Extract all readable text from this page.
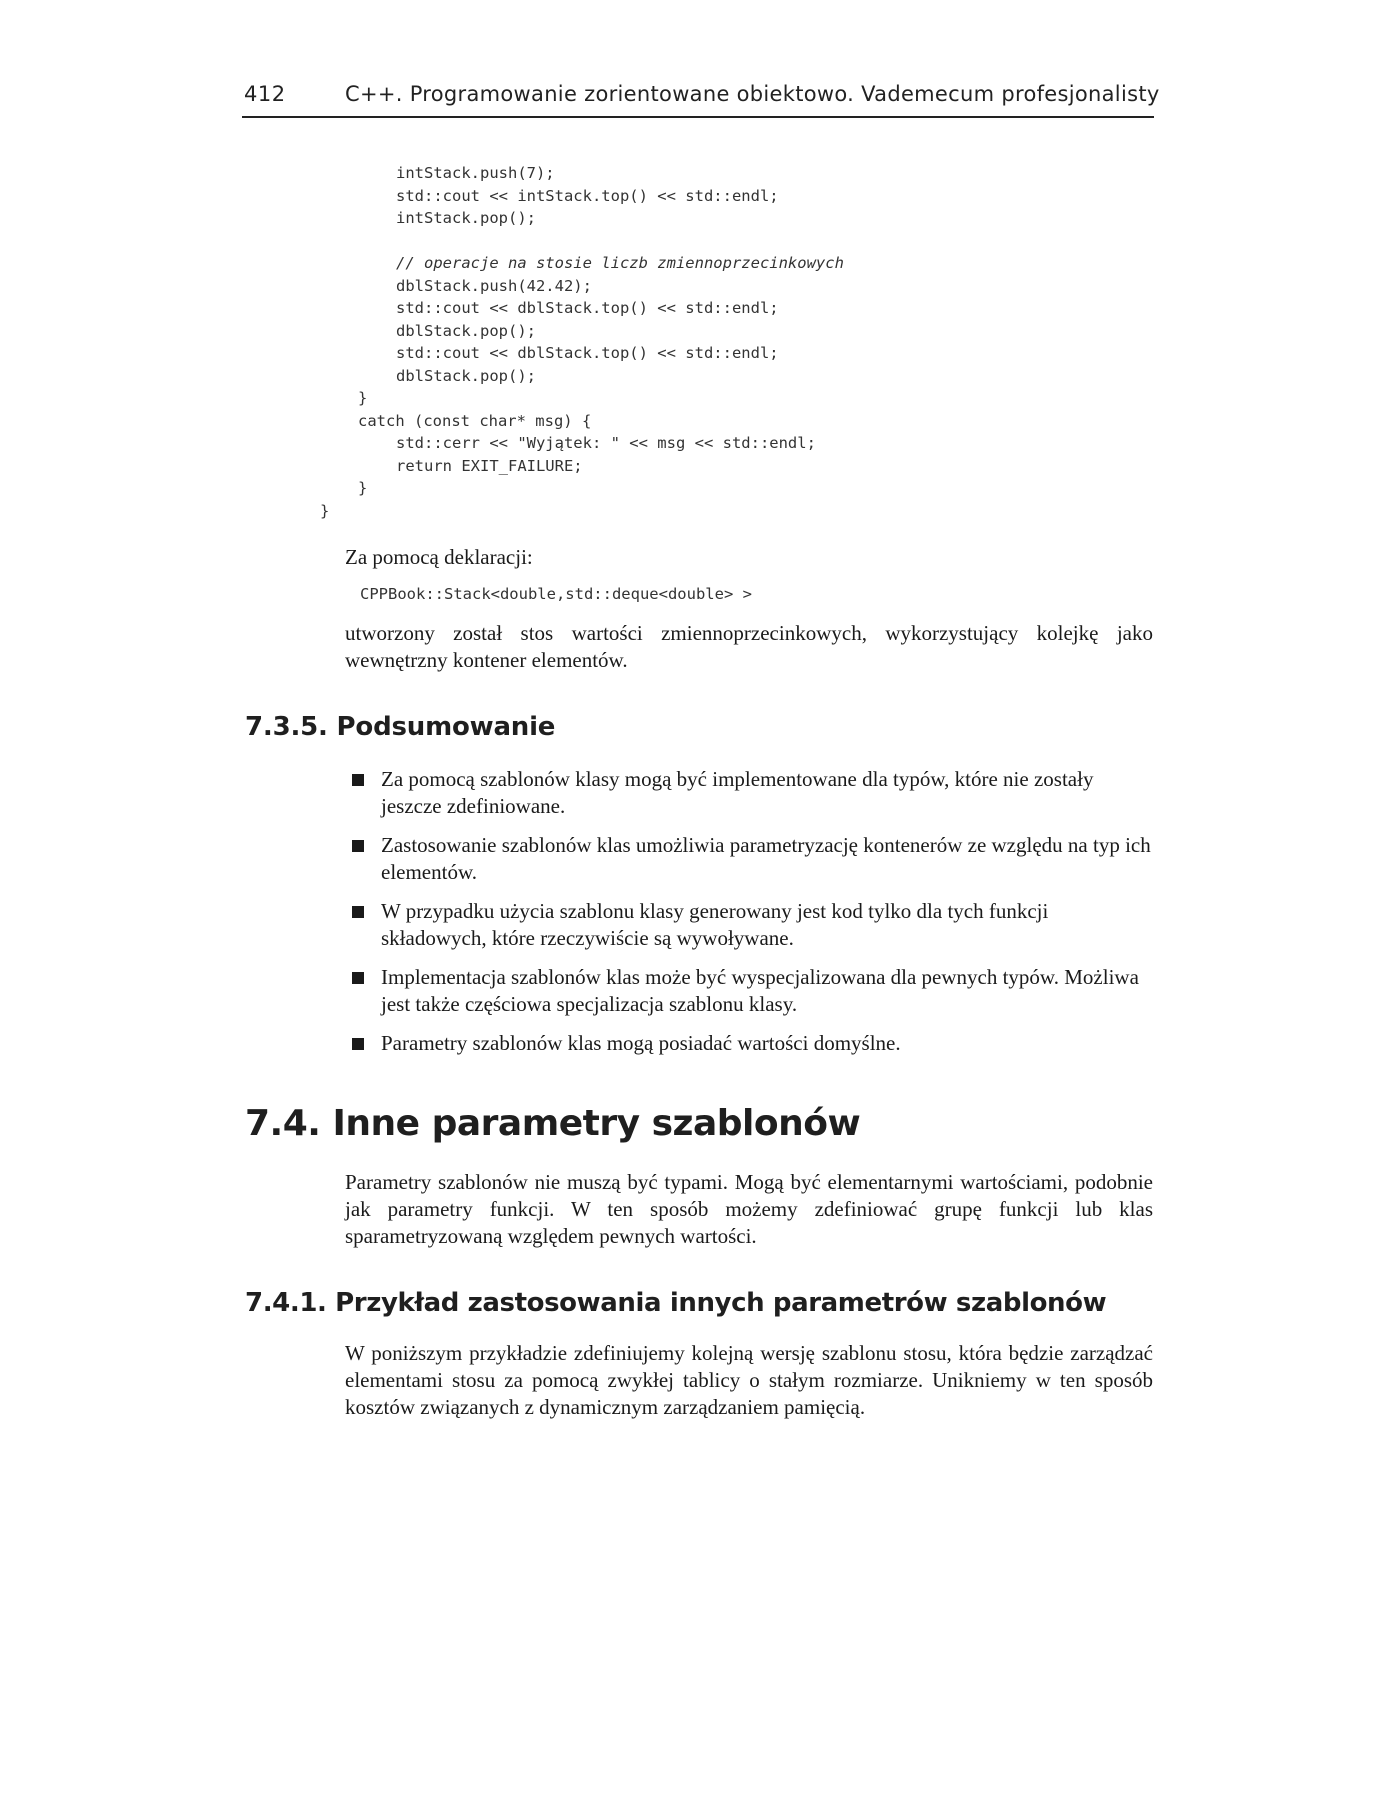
412	C++. Programowanie zorientowane obiektowo. Vademecum profesjonalisty
intStack.push(7);
std::cout << intStack.top() << std::endl;
intStack.pop();
// operacje na stosie liczb zmiennoprzecinkowych
dblStack.push(42.42);
std::cout << dblStack.top() << std::endl;
dblStack.pop();
std::cout << dblStack.top() << std::endl;
dblStack.pop();
}
catch (const char* msg) {
std::cerr << "Wyjątek: " << msg << std::endl;
return EXIT_FAILURE;
}
}

Za pomocą deklaracji:

CPPBook::Stack<double,std::deque<double> >

utworzony został stos wartości zmiennoprzecinkowych, wykorzystujący kolejkę jako wewnętrzny kontener elementów.

7.3.5. Podsumowanie
Za pomocą szablonów klasy mogą być implementowane dla typów, które nie zostały jeszcze zdefiniowane.
Zastosowanie szablonów klas umożliwia parametryzację kontenerów ze względu na typ ich elementów.
W przypadku użycia szablonu klasy generowany jest kod tylko dla tych funkcji składowych, które rzeczywiście są wywoływane.
Implementacja szablonów klas może być wyspecjalizowana dla pewnych typów. Możliwa jest także częściowa specjalizacja szablonu klasy.
Parametry szablonów klas mogą posiadać wartości domyślne.
7.4. Inne parametry szablonów

Parametry szablonów nie muszą być typami. Mogą być elementarnymi wartościami, podobnie jak parametry funkcji. W ten sposób możemy zdefiniować grupę funkcji lub klas sparametryzowaną względem pewnych wartości.

7.4.1. Przykład zastosowania innych parametrów szablonów

W poniższym przykładzie zdefiniujemy kolejną wersję szablonu stosu, która będzie zarządzać elementami stosu za pomocą zwykłej tablicy o stałym rozmiarze. Unikniemy w ten sposób kosztów związanych z dynamicznym zarządzaniem pamięcią.
